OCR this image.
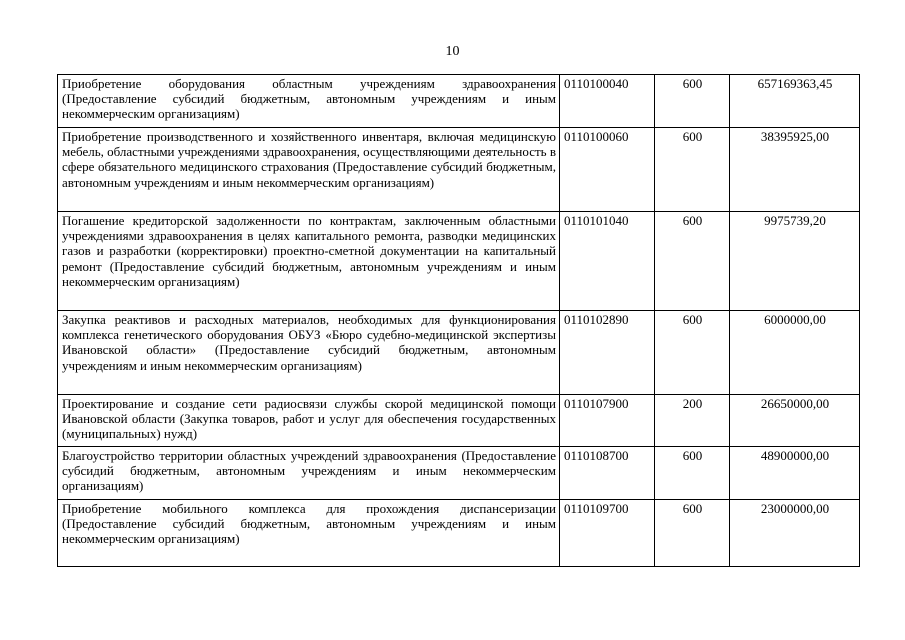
10
Приобретение оборудования областным учреждениям здравоохранения (Предоставление субсидий бюджетным, автономным учреждениям и иным некоммерческим организациям)	0110100040	600	657169363,45
Приобретение производственного и хозяйственного инвентаря, включая медицинскую мебель, областными учреждениями здравоохранения, осуществляющими деятельность в сфере обязательного медицинского страхования (Предоставление субсидий бюджетным, автономным учреждениям и иным некоммерческим организациям)	0110100060	600	38395925,00
Погашение кредиторской задолженности по контрактам, заключенным областными учреждениями здравоохранения в целях капитального ремонта, разводки медицинских газов и разработки (корректировки) проектно-сметной документации на капитальный ремонт (Предоставление субсидий бюджетным, автономным учреждениям и иным некоммерческим организациям)	0110101040	600	9975739,20
Закупка реактивов и расходных материалов, необходимых для функционирования комплекса генетического оборудования ОБУЗ «Бюро судебно-медицинской экспертизы Ивановской области» (Предоставление субсидий бюджетным, автономным учреждениям и иным некоммерческим организациям)	0110102890	600	6000000,00
Проектирование и создание сети радиосвязи службы скорой медицинской помощи Ивановской области (Закупка товаров, работ и услуг для обеспечения государственных (муниципальных) нужд)	0110107900	200	26650000,00
Благоустройство территории областных учреждений здравоохранения (Предоставление субсидий бюджетным, автономным учреждениям и иным некоммерческим организациям)	0110108700	600	48900000,00
Приобретение мобильного комплекса для прохождения диспансеризации (Предоставление субсидий бюджетным, автономным учреждениям и иным некоммерческим организациям)	0110109700	600	23000000,00
